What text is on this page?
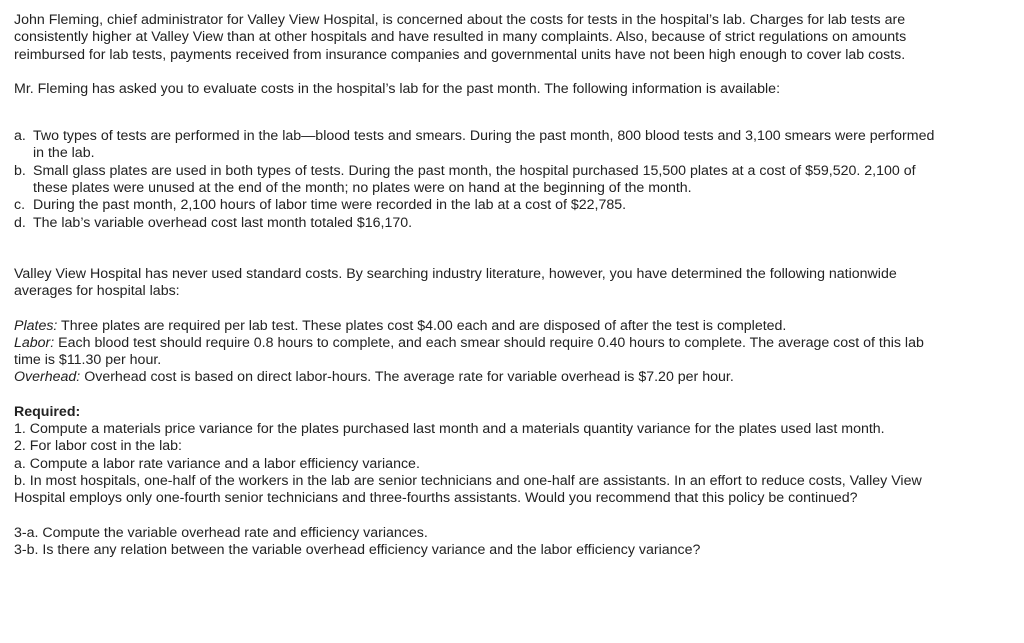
John Fleming, chief administrator for Valley View Hospital, is concerned about the costs for tests in the hospital’s lab. Charges for lab tests are consistently higher at Valley View than at other hospitals and have resulted in many complaints. Also, because of strict regulations on amounts reimbursed for lab tests, payments received from insurance companies and governmental units have not been high enough to cover lab costs.

Mr. Fleming has asked you to evaluate costs in the hospital’s lab for the past month. The following information is available:

a. Two types of tests are performed in the lab—blood tests and smears. During the past month, 800 blood tests and 3,100 smears were performed in the lab.
b. Small glass plates are used in both types of tests. During the past month, the hospital purchased 15,500 plates at a cost of $59,520. 2,100 of these plates were unused at the end of the month; no plates were on hand at the beginning of the month.
c. During the past month, 2,100 hours of labor time were recorded in the lab at a cost of $22,785.
d. The lab’s variable overhead cost last month totaled $16,170.

Valley View Hospital has never used standard costs. By searching industry literature, however, you have determined the following nationwide averages for hospital labs:

Plates: Three plates are required per lab test. These plates cost $4.00 each and are disposed of after the test is completed.

Labor: Each blood test should require 0.8 hours to complete, and each smear should require 0.40 hours to complete. The average cost of this lab time is $11.30 per hour.

Overhead: Overhead cost is based on direct labor-hours. The average rate for variable overhead is $7.20 per hour.

Required:

1. Compute a materials price variance for the plates purchased last month and a materials quantity variance for the plates used last month.

2. For labor cost in the lab:

a. Compute a labor rate variance and a labor efficiency variance.

b. In most hospitals, one-half of the workers in the lab are senior technicians and one-half are assistants. In an effort to reduce costs, Valley View Hospital employs only one-fourth senior technicians and three-fourths assistants. Would you recommend that this policy be continued?

3-a. Compute the variable overhead rate and efficiency variances.

3-b. Is there any relation between the variable overhead efficiency variance and the labor efficiency variance?
